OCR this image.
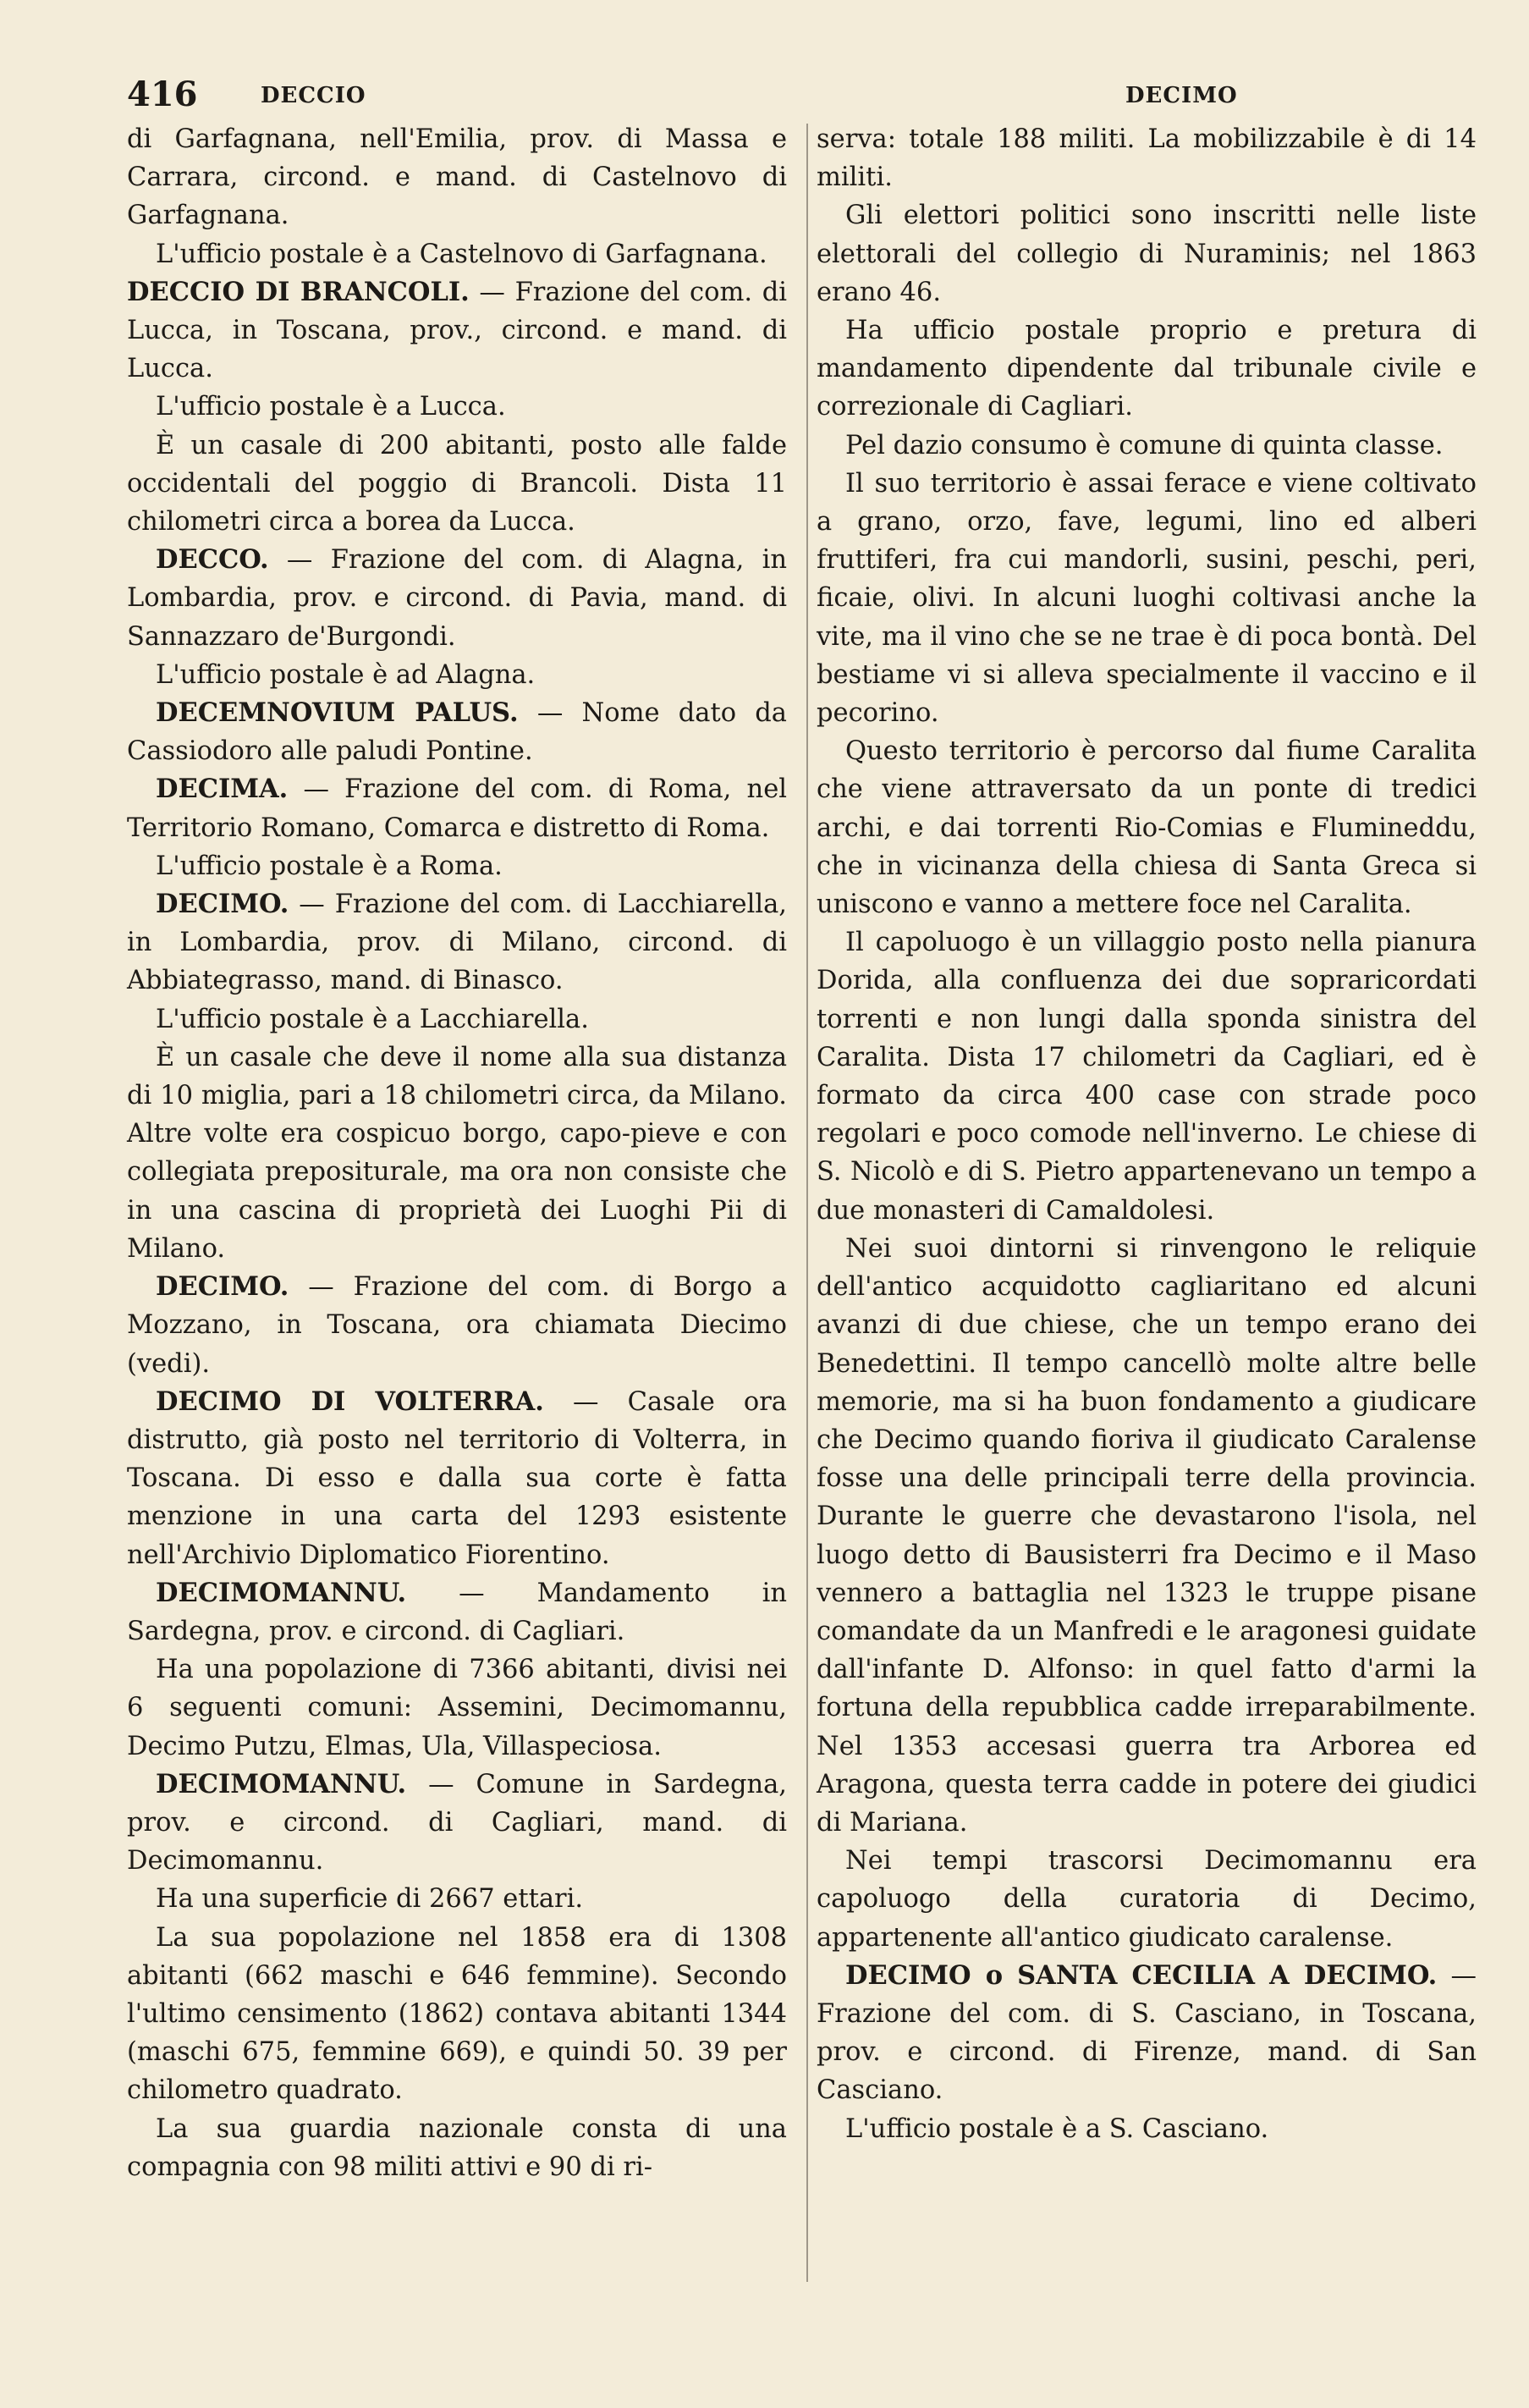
416	DECCIO	DECIMO

di Garfagnana, nell'Emilia, prov. di Massa e Carrara, circond. e mand. di Castelnovo di Garfagnana.

L'ufficio postale è a Castelnovo di Garfagnana.

DECCIO DI BRANCOLI. — Frazione del com. di Lucca, in Toscana, prov., circond. e mand. di Lucca.

L'ufficio postale è a Lucca.

È un casale di 200 abitanti, posto alle falde occidentali del poggio di Brancoli. Dista 11 chilometri circa a borea da Lucca.

DECCO. — Frazione del com. di Alagna, in Lombardia, prov. e circond. di Pavia, mand. di Sannazzaro de'Burgondi.

L'ufficio postale è ad Alagna.

DECEMNOVIUM PALUS. — Nome dato da Cassiodoro alle paludi Pontine.

DECIMA. — Frazione del com. di Roma, nel Territorio Romano, Comarca e distretto di Roma.

L'ufficio postale è a Roma.

DECIMO. — Frazione del com. di Lacchiarella, in Lombardia, prov. di Milano, circond. di Abbiategrasso, mand. di Binasco.

L'ufficio postale è a Lacchiarella.

È un casale che deve il nome alla sua distanza di 10 miglia, pari a 18 chilometri circa, da Milano. Altre volte era cospicuo borgo, capo-pieve e con collegiata prepositurale, ma ora non consiste che in una cascina di proprietà dei Luoghi Pii di Milano.

DECIMO. — Frazione del com. di Borgo a Mozzano, in Toscana, ora chiamata Diecimo (vedi).

DECIMO DI VOLTERRA. — Casale ora distrutto, già posto nel territorio di Volterra, in Toscana. Di esso e dalla sua corte è fatta menzione in una carta del 1293 esistente nell'Archivio Diplomatico Fiorentino.

DECIMOMANNU. — Mandamento in Sardegna, prov. e circond. di Cagliari.

Ha una popolazione di 7366 abitanti, divisi nei 6 seguenti comuni: Assemini, Decimomannu, Decimo Putzu, Elmas, Ula, Villaspeciosa.

DECIMOMANNU. — Comune in Sardegna, prov. e circond. di Cagliari, mand. di Decimomannu.

Ha una superficie di 2667 ettari.

La sua popolazione nel 1858 era di 1308 abitanti (662 maschi e 646 femmine). Secondo l'ultimo censimento (1862) contava abitanti 1344 (maschi 675, femmine 669), e quindi 50. 39 per chilometro quadrato.

La sua guardia nazionale consta di una compagnia con 98 militi attivi e 90 di ri-

serva: totale 188 militi. La mobilizzabile è di 14 militi.

Gli elettori politici sono inscritti nelle liste elettorali del collegio di Nuraminis; nel 1863 erano 46.

Ha ufficio postale proprio e pretura di mandamento dipendente dal tribunale civile e correzionale di Cagliari.

Pel dazio consumo è comune di quinta classe.

Il suo territorio è assai ferace e viene coltivato a grano, orzo, fave, legumi, lino ed alberi fruttiferi, fra cui mandorli, susini, peschi, peri, ficaie, olivi. In alcuni luoghi coltivasi anche la vite, ma il vino che se ne trae è di poca bontà. Del bestiame vi si alleva specialmente il vaccino e il pecorino.

Questo territorio è percorso dal fiume Caralita che viene attraversato da un ponte di tredici archi, e dai torrenti Rio-Comias e Flumineddu, che in vicinanza della chiesa di Santa Greca si uniscono e vanno a mettere foce nel Caralita.

Il capoluogo è un villaggio posto nella pianura Dorida, alla confluenza dei due sopraricordati torrenti e non lungi dalla sponda sinistra del Caralita. Dista 17 chilometri da Cagliari, ed è formato da circa 400 case con strade poco regolari e poco comode nell'inverno. Le chiese di S. Nicolò e di S. Pietro appartenevano un tempo a due monasteri di Camaldolesi.

Nei suoi dintorni si rinvengono le reliquie dell'antico acquidotto cagliaritano ed alcuni avanzi di due chiese, che un tempo erano dei Benedettini. Il tempo cancellò molte altre belle memorie, ma si ha buon fondamento a giudicare che Decimo quando fioriva il giudicato Caralense fosse una delle principali terre della provincia. Durante le guerre che devastarono l'isola, nel luogo detto di Bausisterri fra Decimo e il Maso vennero a battaglia nel 1323 le truppe pisane comandate da un Manfredi e le aragonesi guidate dall'infante D. Alfonso: in quel fatto d'armi la fortuna della repubblica cadde irreparabilmente. Nel 1353 accesasi guerra tra Arborea ed Aragona, questa terra cadde in potere dei giudici di Mariana.

Nei tempi trascorsi Decimomannu era capoluogo della curatoria di Decimo, appartenente all'antico giudicato caralense.

DECIMO o SANTA CECILIA A DECIMO. — Frazione del com. di S. Casciano, in Toscana, prov. e circond. di Firenze, mand. di San Casciano.

L'ufficio postale è a S. Casciano.
